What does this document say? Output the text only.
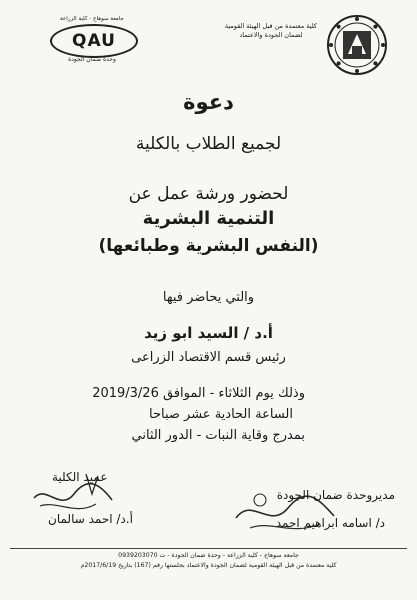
جامعة سوهاج - كلية الزراعة
QAU
وحدة ضمان الجودة
كلية معتمدة من قبل الهيئة القومية
لضمان الجودة والاعتماد
دعوة
لجميع الطلاب بالكلية
لحضور ورشة عمل عن
التنمية البشرية
(النفس البشرية وطبائعها)
والتي يحاضر فيها
أ.د / السيد ابو زيد
رئيس قسم الاقتصاد الزراعى
وذلك يوم الثلاثاء - الموافق 2019/3/26
الساعة الحادية عشر صباحا
بمدرج وقاية النبات - الدور الثاني
مديروحدة ضمان الجودة
عميد الكلية
د/ اسامه ابراهيم احمد
أ.د/ احمد سالمان
جامعة سوهاج - كلية الزراعة - وحدة ضمان الجودة - ت 0939203070
كلية معتمدة من قبل الهيئة القومية لضمان الجودة والاعتماد بجلستها رقم (167) بتاريخ 2017/6/19م
